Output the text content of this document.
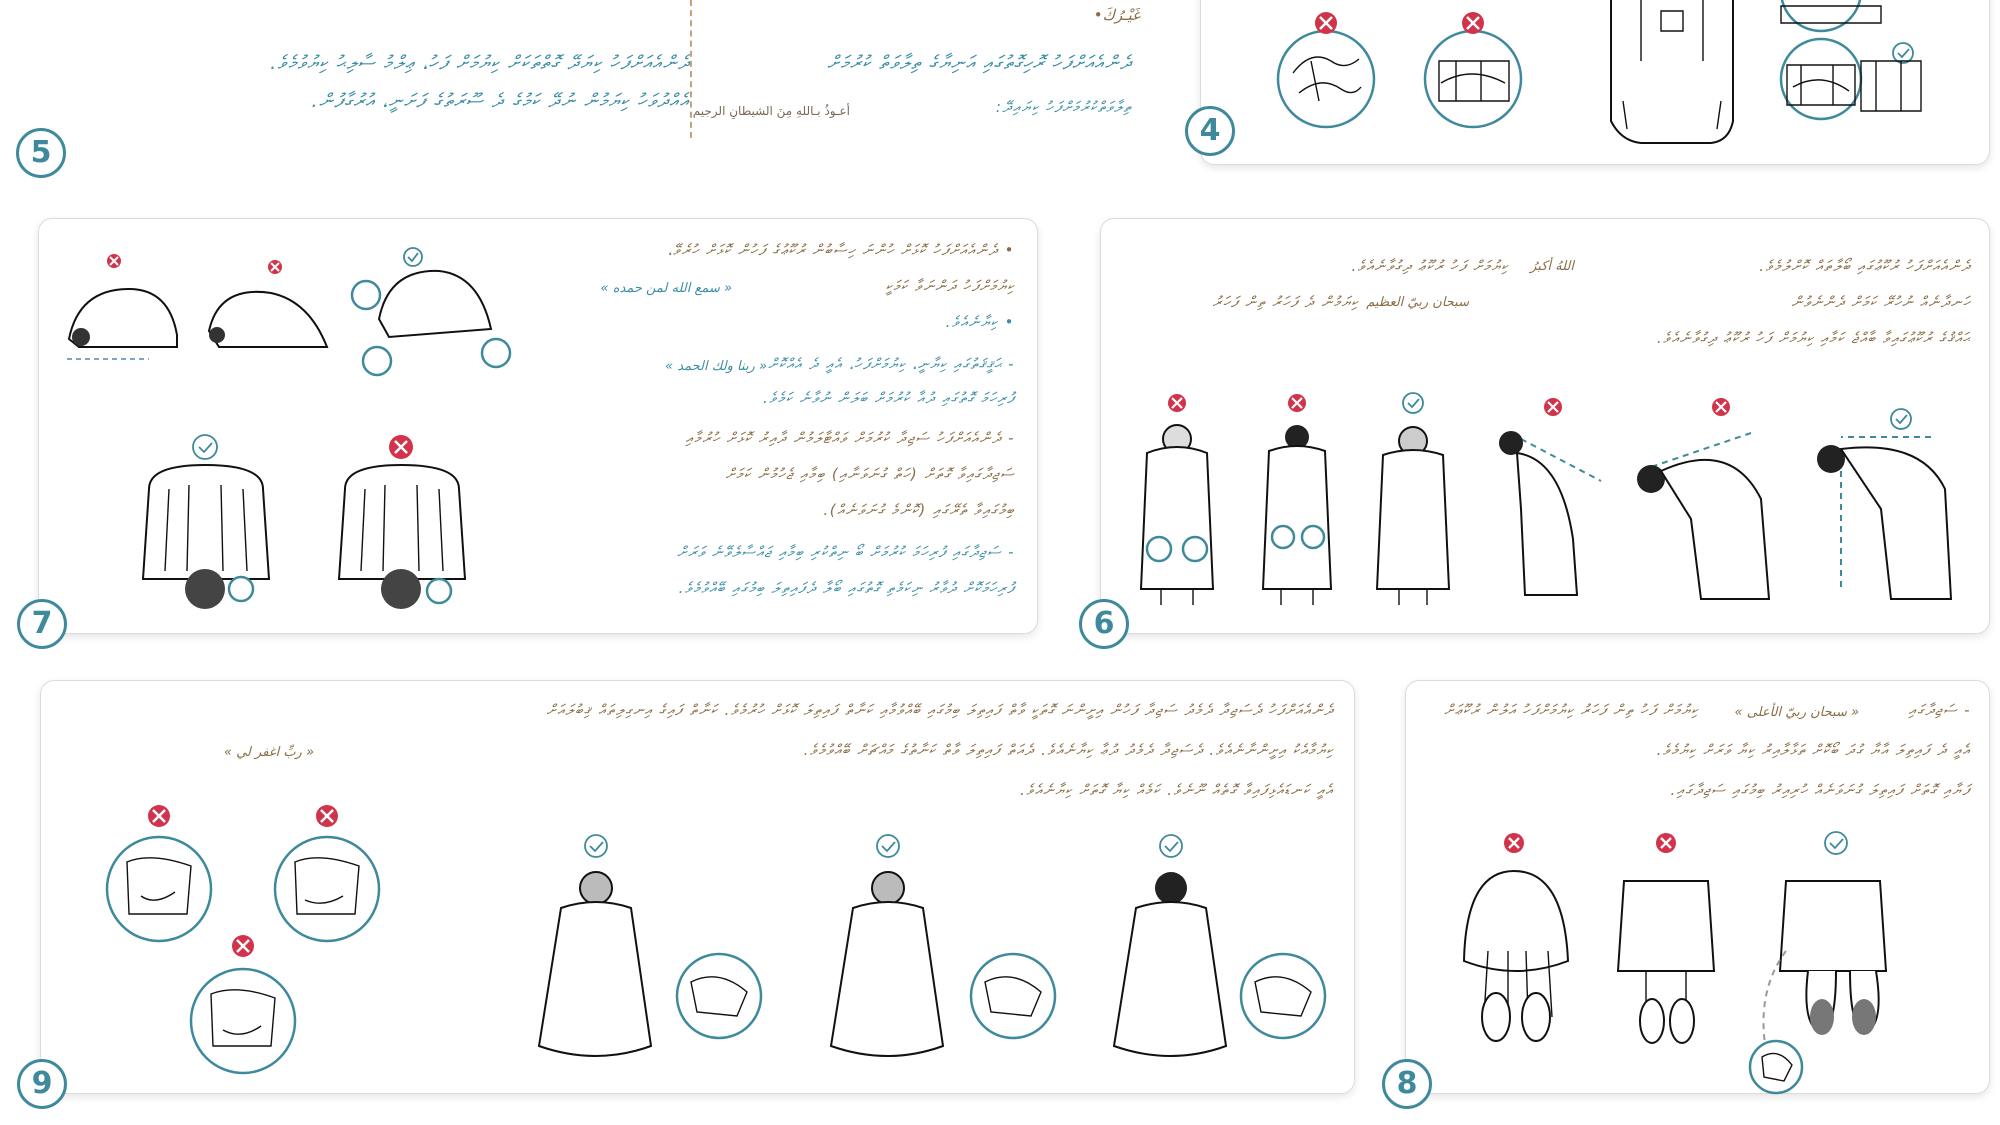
غَيْـرُكَ•
ދެންއެއަށްފަހު ރޮހިގޮތުގައި އަނިޔާގެ ތިލާވަތް ކުރުމަށް
ދެންއެއަށްފަހު ކިޔަދޭ ގޮތްތަކަށް ކިޔުމަށް ފަހު، ޢިލްމު ސާލިޙު ކިޔުވުމެވެ.
ތިލާވަތްކުރުމަށްފަހު ކިޔައިދޭ:
أعـوذُ بـاللهِ مِنَ الشيطانِ الرجيم
އެއްދުވަހު ކިޔަމުން ނުދޭ ކަމުގެ ދެ ސޫރަތުގެ ފަށަނީ، އުރުގާފުން.
5
4
• ދެންއެއަށްފަހު ކޮޅަށް ހުންނަ ހިސާބުން ރުކޫޢުގެ ފަހުން ކޮޅަށް ހުރެވޭ،
ކިޔުމަށްފަހު ދަންނަވާ ކަމަކީ
« سمع الله لمن حمده »
• ކިޔާނެއެވެ.
- ޙަޤީޤަތުގައި ކިޔާނީ، ކިޔުމަށްފަހު، އެއީ ދެ އެއްކޮށް
« ربنا ولك الحمد »
ފުރިހަމަ ގޮތުގައި ދުއާ ކުރުމަށް ބަލަން ނުވާނެ ކަމެވެ.
- ދެންއެއަށްފަހު ސަޖިދާ ކުރުމަށް ވައްޓާލަމުން ދާއިރު ކޮޅަށް ހުރުމާއި
ސަޖިދާގައިވާ ގޮތަށް (ހަތް ގުނަވަނާއި) ބިމާއި ޖެހުމުން ކަމަށް
ބިމުގައިވާ ތެރޭގައި (ކޮންމެ ގުނަވަނެއް).
- ސަޖިދާގައި ފުރިހަމަ ކުރުމަށް ބޯ ނިތްކުރި ބިމާއި ޖައްސާލެވޭނެ ވަރަށް
ފުރިހަމަކޮށް ދުވާރު ނިކަމެތި ގޮތުގައި ބޯލާ ދެފައިތިލަ ބިމުގައި ބޭއްވުމެވެ.
7
ދެންއެއަށްފަހު ރުކޫޢުގައި ބޯލާތައް ކޮށްލުމެވެ.
اللهُ أكبرُ
ކިޔުމަށް ފަހު ރުކޫޢު ދިގުވާނެއެވެ.
ހަނދާނެއް ނުހުރޭ ކަމަށް ދެންނެވުން
سبحان ربيّ العظيم
ކިޔަމުން ދެ ފަހަރު ތިން ފަހަރު
ޙައްޤުގެ ރުކޫޢުގައިވާ ބާއްޖެ ކަމާއި ކިޔުމަށް ފަހު ރުކޫޢު ދިގުވާނެއެވެ.
6
ދެންއެއަށްފަހު ދެސަޖިދާ ދެމެދު ސަޖިދާ ފަހުން އިށީންނަ ގޮތަކީ ވާތް ފައިތިލަ ބިމުގައި ބޭއްވުމާއި ކަނާތް ފައިތިލަ ކޮޅަށް ހުރުމެވެ. ކަނާތް ފައިގެ އިނގިލިތައް ޤިބުލައަށް
ކިޔުމާއެކު އިށީންނާނެއެވެ. ދެސަޖިދާ ދެމެދު ދުޢާ ކިޔާނެއެވެ. ދެއަތް ފައިތިލަ ވާތް ކަނާތުގެ މައްޗަށް ބޭއްވުމެވެ.
« ربِّ اغفر لي »
އެއީ ކަނޑައެޅިފައިވާ ގޮތެއް ނޫނެވެ. ކަމެއް ކިޔާ ގޮތަށް ކިޔާނެއެވެ.
9
- ސަޖިދާގައި
« سبحان ربيّ الأعلى »
ކިޔުމަށް ފަހު ތިން ފަހަރު ކިޔުމަށްފަހު އަލުން ރުކޫޢަށް
އެއީ ދެ ފައިތިލަ އާޔާ ގުދަ ބޯކޮށް ތަޅާލާއިރު ކިޔާ ވަރަށް ކިޔުމެވެ.
ފަޔާއި ގޮތަށް ފައިތިލަ ގުނަވަނެއް ހުރިއިރު ބިމުގައި ސަޖިދާގައި.
8
